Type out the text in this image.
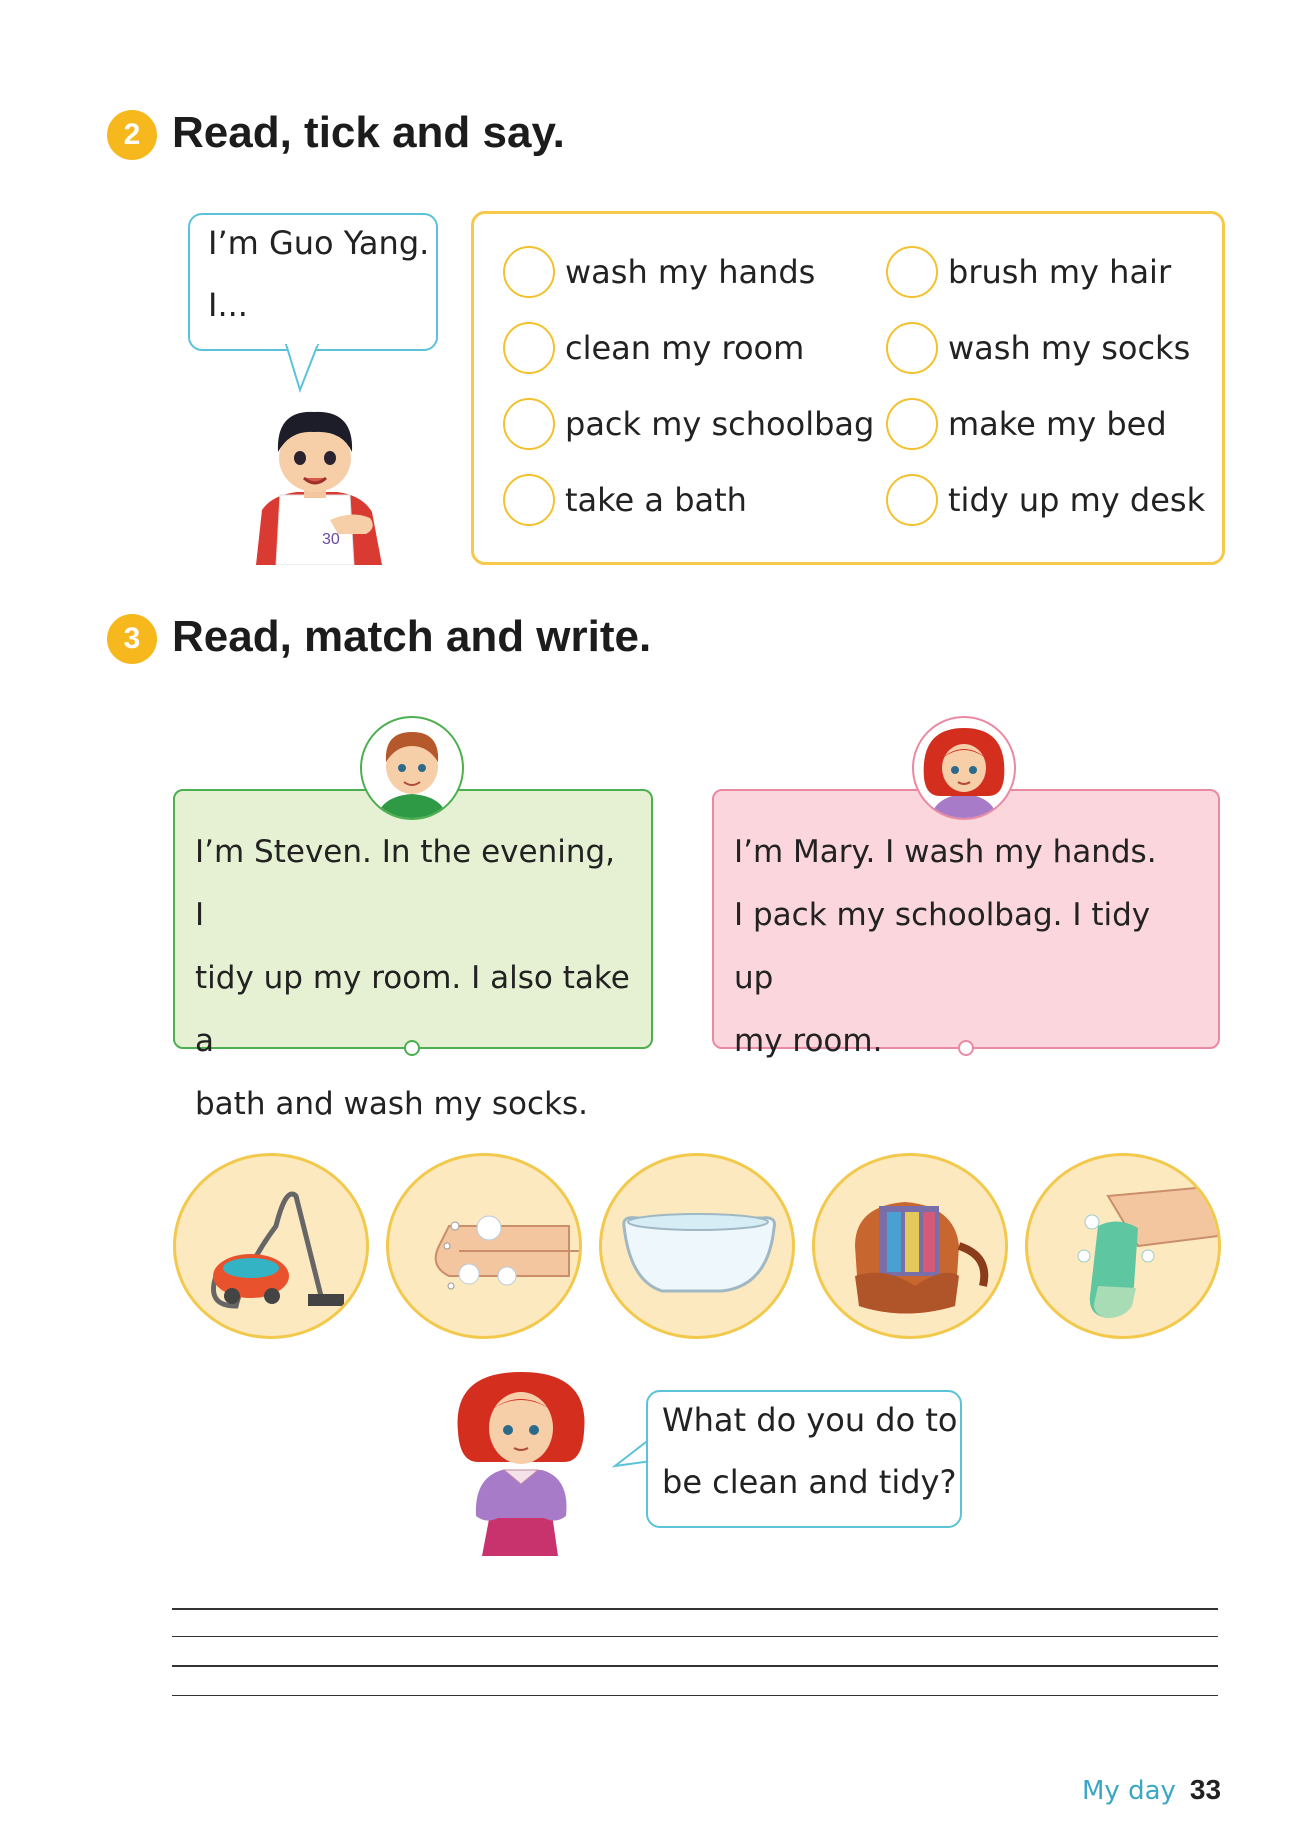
2 Read, tick and say.
I’m Guo Yang.
I...
30
wash my hands
clean my room
pack my schoolbag
take a bath
brush my hair
wash my socks
make my bed
tidy up my desk
3 Read, match and write.
I’m Steven. In the evening, I
tidy up my room. I also take a
bath and wash my socks.
I’m Mary. I wash my hands.
I pack my schoolbag. I tidy up
my room.
What do you do to
be clean and tidy?
My day 33
